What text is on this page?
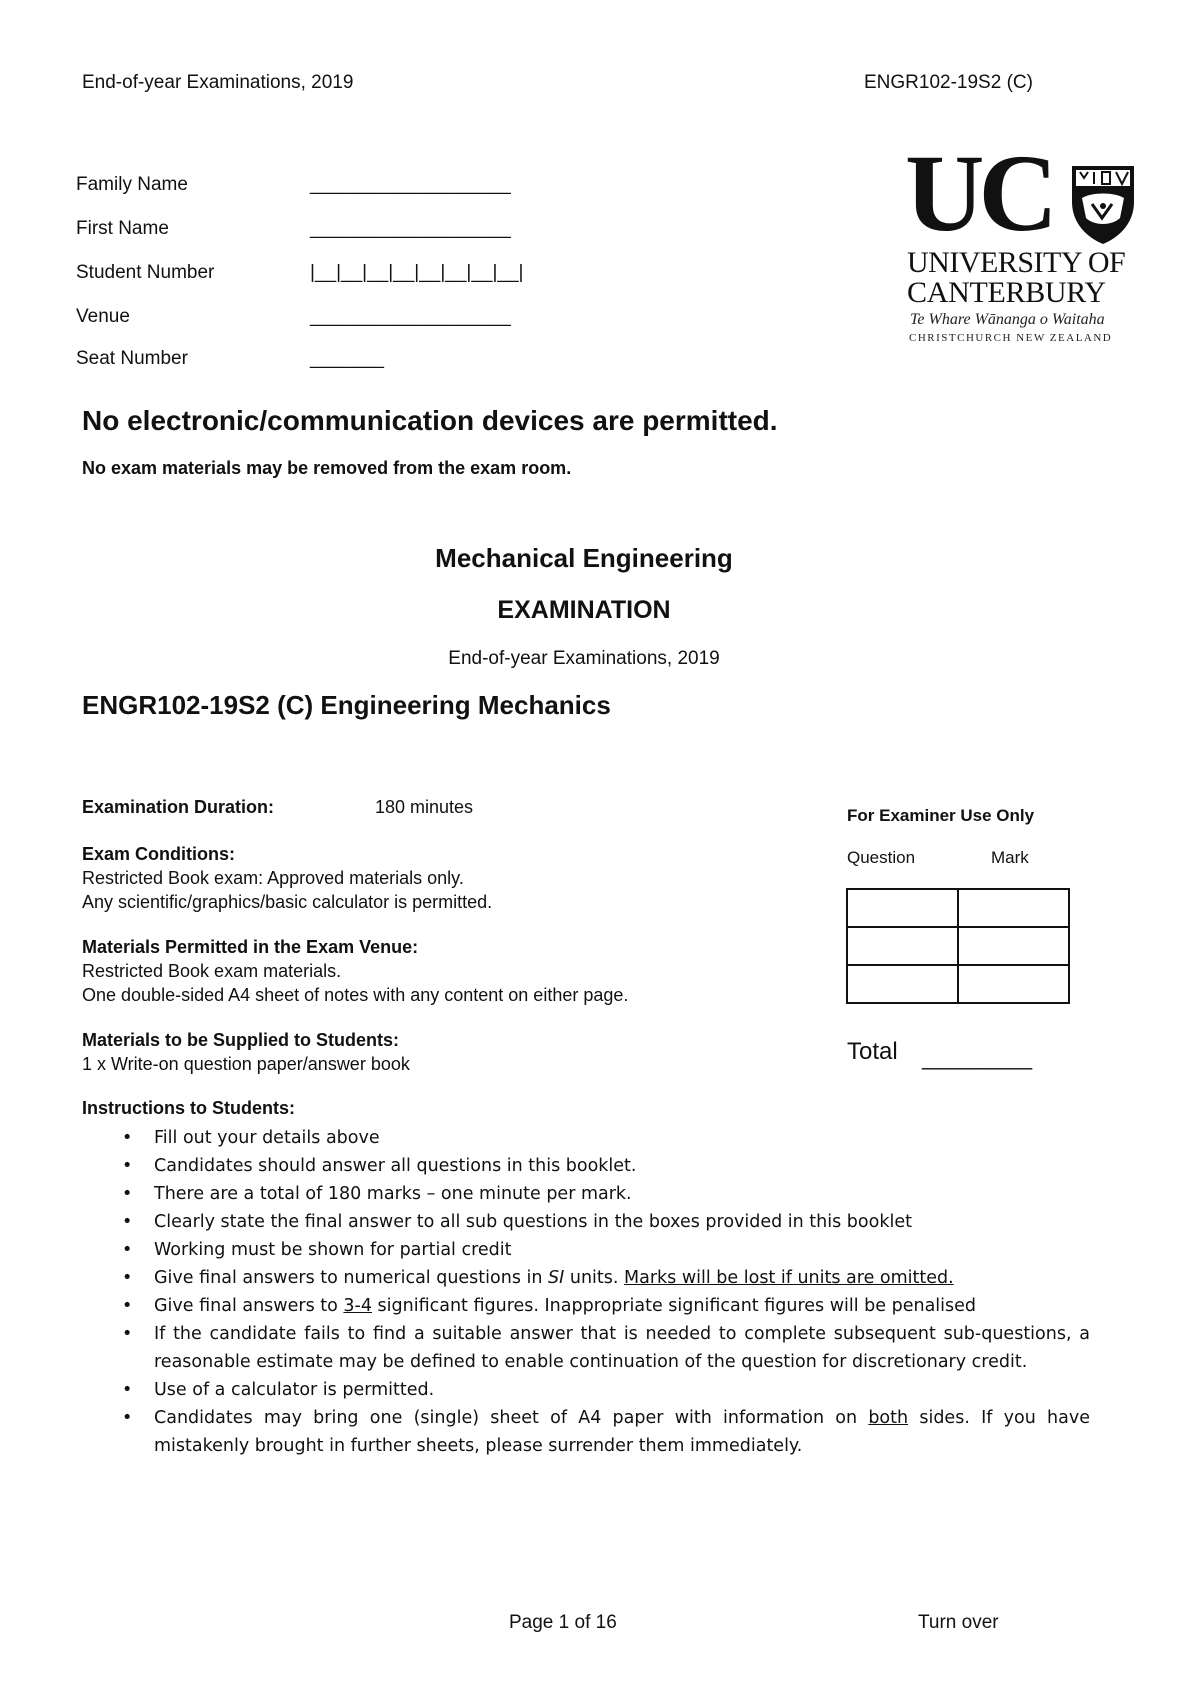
End-of-year Examinations, 2019	ENGR102-19S2 (C)
Family Name	___________________
First Name	___________________
Student Number	|__|__|__|__|__|__|__|__|
Venue	___________________
Seat Number	_______
UC
UNIVERSITY OF
CANTERBURY
Te Whare Wānanga o Waitaha
CHRISTCHURCH NEW ZEALAND
No electronic/communication devices are permitted.
No exam materials may be removed from the exam room.
Mechanical Engineering
EXAMINATION
End-of-year Examinations, 2019
ENGR102-19S2 (C) Engineering Mechanics
Examination Duration:	180 minutes
Exam Conditions:
Restricted Book exam: Approved materials only.
Any scientific/graphics/basic calculator is permitted.
Materials Permitted in the Exam Venue:
Restricted Book exam materials.
One double-sided A4 sheet of notes with any content on either page.
Materials to be Supplied to Students:
1 x Write-on question paper/answer book
For Examiner Use Only
Question	Mark

Total _________
Instructions to Students:
• Fill out your details above
• Candidates should answer all questions in this booklet.
• There are a total of 180 marks – one minute per mark.
• Clearly state the final answer to all sub questions in the boxes provided in this booklet
• Working must be shown for partial credit
• Give final answers to numerical questions in SI units. Marks will be lost if units are omitted.
• Give final answers to 3-4 significant figures. Inappropriate significant figures will be penalised
• If the candidate fails to find a suitable answer that is needed to complete subsequent sub-questions, a reasonable estimate may be defined to enable continuation of the question for discretionary credit.
• Use of a calculator is permitted.
• Candidates may bring one (single) sheet of A4 paper with information on both sides. If you have mistakenly brought in further sheets, please surrender them immediately.
Page 1 of 16	Turn over
